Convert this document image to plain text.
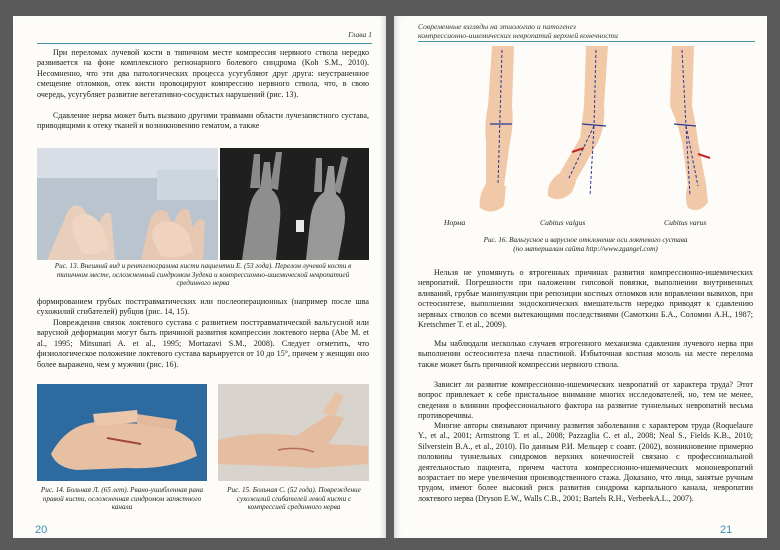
Глава 1
При переломах лучевой кости в типичном месте компрессия нервного ствола нередко развивается на фоне комплексного регионарного болевого синдрома (Koh S.M., 2010). Несомненно, что эти два патологических процесса усугубляют друг друга: неустраненное смещение отломков, отек кисти провоцируют компрессию нервного ствола, что, в свою очередь, усугубляет развитие вегетативно-сосудистых нарушений (рис. 13).
Сдавление нерва может быть вызвано другими травмами области лучезапястного сустава, приводящими к отеку тканей и возникновению гематом, а также
Рис. 13. Внешний вид и рентгенограмма кисти пациентки Е. (53 года). Перелом лучевой кости в типичном месте, осложненный синдромом Зудека и компрессионно-ишемической невропатией срединного нерва
формированием грубых посттравматических или послеоперационных (например после шва сухожилий сгибателей) рубцов (рис. 14, 15).
Повреждения связок локтевого сустава с развитием посттравматической вальгусной или варусной деформации могут быть причиной развития компрессии локтевого нерва (Abe M. et al., 1995; Mitsunari A. et al., 1995; Mortazavi S.M., 2008). Следует отметить, что физиологическое положение локтевого сустава варьируется от 10 до 15°, причем у женщин оно более выражено, чем у мужчин (рис. 16).
Рис. 14. Больная Л. (65 лет). Рвано-ушибленная рана правой кисти, осложненная синдромом запястного канала
Рис. 15. Больная С. (52 года). Повреждение сухожилий сгибателей левой кисти с компрессией срединного нерва
20
Современные взгляды на этиологию и патогенез
компрессионно-ишемических невропатий верхней конечности
Норма	Cubitus valgus	Cubitus varus
Рис. 16. Вальгусное и варусное отклонение оси локтевого сустава
(по материалам сайта http://www.zgangel.com)
Нельзя не упомянуть о ятрогенных причинах развития компрессионно-ишемических невропатий. Погрешности при наложении гипсовой повязки, выполнении внутривенных вливаний, грубые манипуляции при репозиции костных отломков или вправлении вывихов, при остеосинтезе, выполнении эндоскопических вмешательств нередко приводят к сдавлению нервных стволов со всеми вытекающими последствиями (Самоткин Б.А., Соломин А.Н., 1987; Kretschmer T. et al., 2009).
Мы наблюдали несколько случаев ятрогенного механизма сдавления лучевого нерва при выполнении остеосинтеза плеча пластиной. Избыточная костная мозоль на месте перелома также может быть причиной компрессии нервного ствола.
Зависит ли развитие компрессионно-ишемических невропатий от характера труда? Этот вопрос привлекает к себе пристальное внимание многих исследователей, но, тем не менее, сведения о влиянии профессионального фактора на развитие туннельных невропатий весьма противоречивы.
Многие авторы связывают причину развития заболевания с характером труда (Roquelaure Y., et al., 2001; Armstrong T. et al., 2008; Pazzaglia C. et al., 2008; Neal S., Fields K.B., 2010; Silverstein B.A., et al., 2010). По данным Р.И. Мельцер с соавт. (2002), возникновение примерно половины туннельных синдромов верхних конечностей связано с профессиональной деятельностью пациента, причем частота компрессионно-ишемических мононевропатий возрастает по мере увеличения производственного стажа. Доказано, что лица, занятые ручным трудом, имеют более высокий риск развития синдрома карпального канала, невропатии локтевого нерва (Dryson E.W., Walls C.B., 2001; Bartels R.H., VerbeekA.L., 2007).
21
